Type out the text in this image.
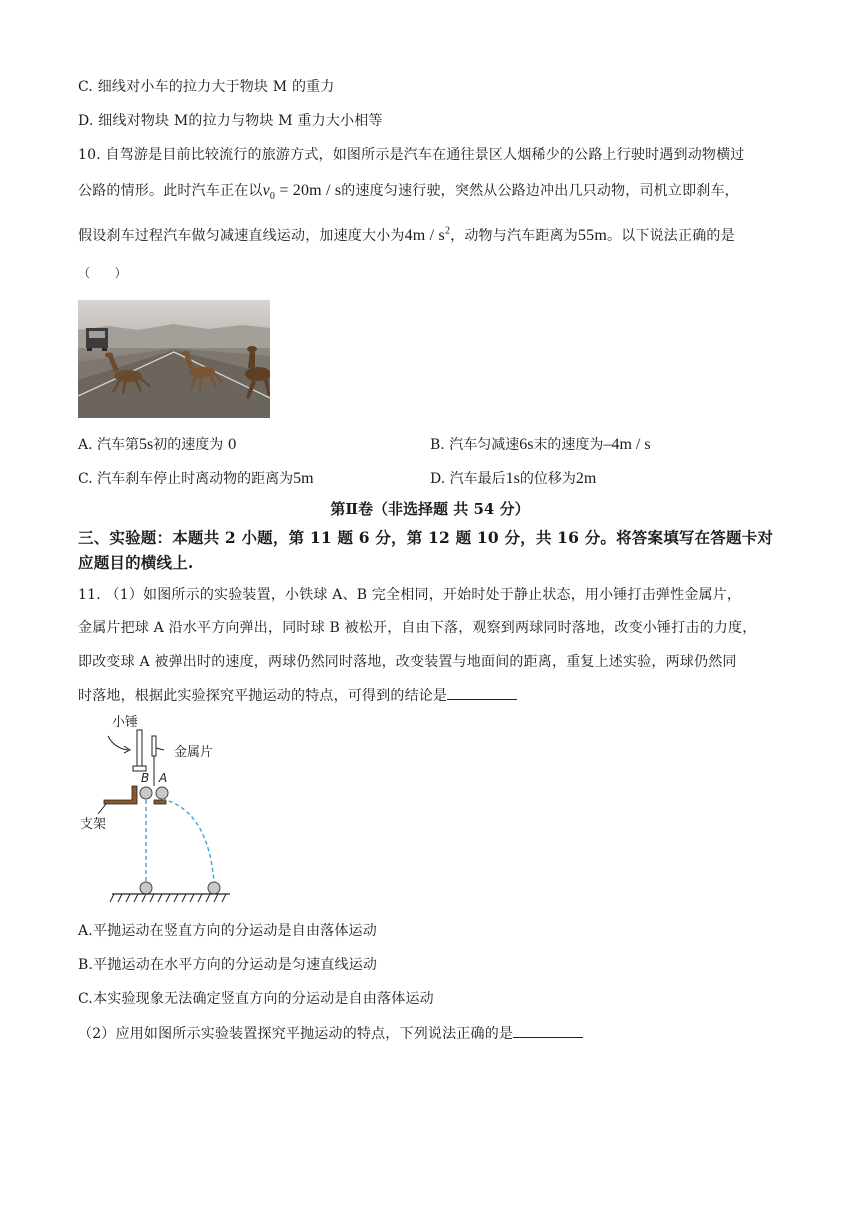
C. 细线对小车的拉力大于物块 M 的重力
D. 细线对物块 M的拉力与物块 M 重力大小相等
10. 自驾游是目前比较流行的旅游方式，如图所示是汽车在通往景区人烟稀少的公路上行驶时遇到动物横过
公路的情形。此时汽车正在以$v_0 = 20m / s$的速度匀速行驶，突然从公路边冲出几只动物，司机立即刹车，
假设刹车过程汽车做匀减速直线运动，加速度大小为$4m / s^2$，动物与汽车距离为55m。以下说法正确的是
（　　）
A. 汽车第5s初的速度为 0	B. 汽车匀减速6s末的速度为–4m / s
C. 汽车刹车停止时离动物的距离为5m	D. 汽车最后1s的位移为2m
第Ⅱ卷（非选择题 共 54 分）
三、实验题：本题共 2 小题，第 11 题 6 分，第 12 题 10 分，共 16 分。将答案填写在答题卡对
应题目的横线上.
11. （1）如图所示的实验装置，小铁球 A、B 完全相同，开始时处于静止状态，用小锤打击弹性金属片，
金属片把球 A 沿水平方向弹出，同时球 B 被松开，自由下落，观察到两球同时落地，改变小锤打击的力度，
即改变球 A 被弹出时的速度，两球仍然同时落地，改变装置与地面间的距离，重复上述实验，两球仍然同
时落地，根据此实验探究平抛运动的特点，可得到的结论是
小锤
金属片
支架
B A
A.平抛运动在竖直方向的分运动是自由落体运动
B.平抛运动在水平方向的分运动是匀速直线运动
C.本实验现象无法确定竖直方向的分运动是自由落体运动
（2）应用如图所示实验装置探究平抛运动的特点，下列说法正确的是
